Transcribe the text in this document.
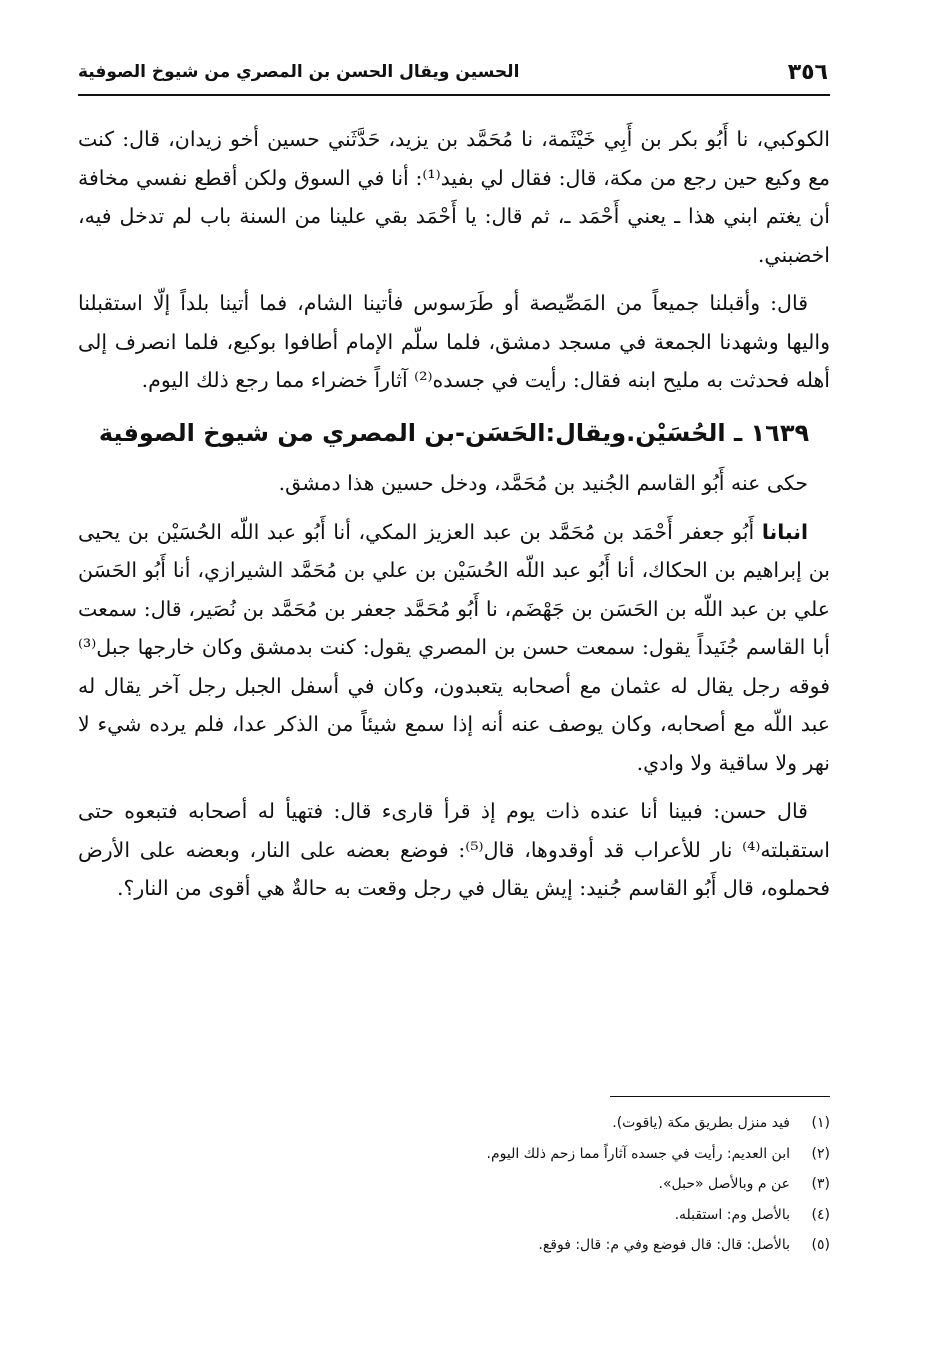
٣٥٦
الحسين ويقال الحسن بن المصري من شيوخ الصوفية

الكوكبي، نا أَبُو بكر بن أَبِي خَيْثَمة، نا مُحَمَّد بن يزيد، حَدَّثَني حسين أخو زيدان، قال: كنت مع وكيع حين رجع من مكة، قال: فقال لي بفيد⁽¹⁾: أنا في السوق ولكن أقطع نفسي مخافة أن يغتم ابني هذا ـ يعني أَحْمَد ـ، ثم قال: يا أَحْمَد بقي علينا من السنة باب لم تدخل فيه، اخضبني.

قال: وأقبلنا جميعاً من المَصِّيصة أو طَرَسوس فأتينا الشام، فما أتينا بلداً إلّا استقبلنا واليها وشهدنا الجمعة في مسجد دمشق، فلما سلّم الإمام أطافوا بوكيع، فلما انصرف إلى أهله فحدثت به مليح ابنه فقال: رأيت في جسده⁽²⁾ آثاراً خضراء مما رجع ذلك اليوم.

١٦٣٩ ـ الحُسَيْن.ويقال:الحَسَن-بن المصري من شيوخ الصوفية

حكى عنه أَبُو القاسم الجُنيد بن مُحَمَّد، ودخل حسين هذا دمشق.

انبانا أَبُو جعفر أَحْمَد بن مُحَمَّد بن عبد العزيز المكي، أنا أَبُو عبد اللّه الحُسَيْن بن يحيى بن إبراهيم بن الحكاك، أنا أَبُو عبد اللّه الحُسَيْن بن علي بن مُحَمَّد الشيرازي، أنا أَبُو الحَسَن علي بن عبد اللّه بن الحَسَن بن جَهْضَم، نا أَبُو مُحَمَّد جعفر بن مُحَمَّد بن نُصَير، قال: سمعت أبا القاسم جُنَيداً يقول: سمعت حسن بن المصري يقول: كنت بدمشق وكان خارجها جبل⁽³⁾ فوقه رجل يقال له عثمان مع أصحابه يتعبدون، وكان في أسفل الجبل رجل آخر يقال له عبد اللّه مع أصحابه، وكان يوصف عنه أنه إذا سمع شيئاً من الذكر عدا، فلم يرده شيء لا نهر ولا ساقية ولا وادي.

قال حسن: فبينا أنا عنده ذات يوم إذ قرأ قارىء قال: فتهيأ له أصحابه فتبعوه حتى استقبلته⁽⁴⁾ نار للأعراب قد أوقدوها، قال⁽⁵⁾: فوضع بعضه على النار، وبعضه على الأرض فحملوه، قال أَبُو القاسم جُنيد: إيش يقال في رجل وقعت به حالةٌ هي أقوى من النار؟.

(١)
فيد منزل بطريق مكة (ياقوت).
(٢)
ابن العديم: رأيت في جسده آثاراً مما زحم ذلك اليوم.
(٣)
عن م وبالأصل «حبل».
(٤)
بالأصل وم: استقبله.
(٥)
بالأصل: قال: قال فوضع وفي م: قال: فوقع.
